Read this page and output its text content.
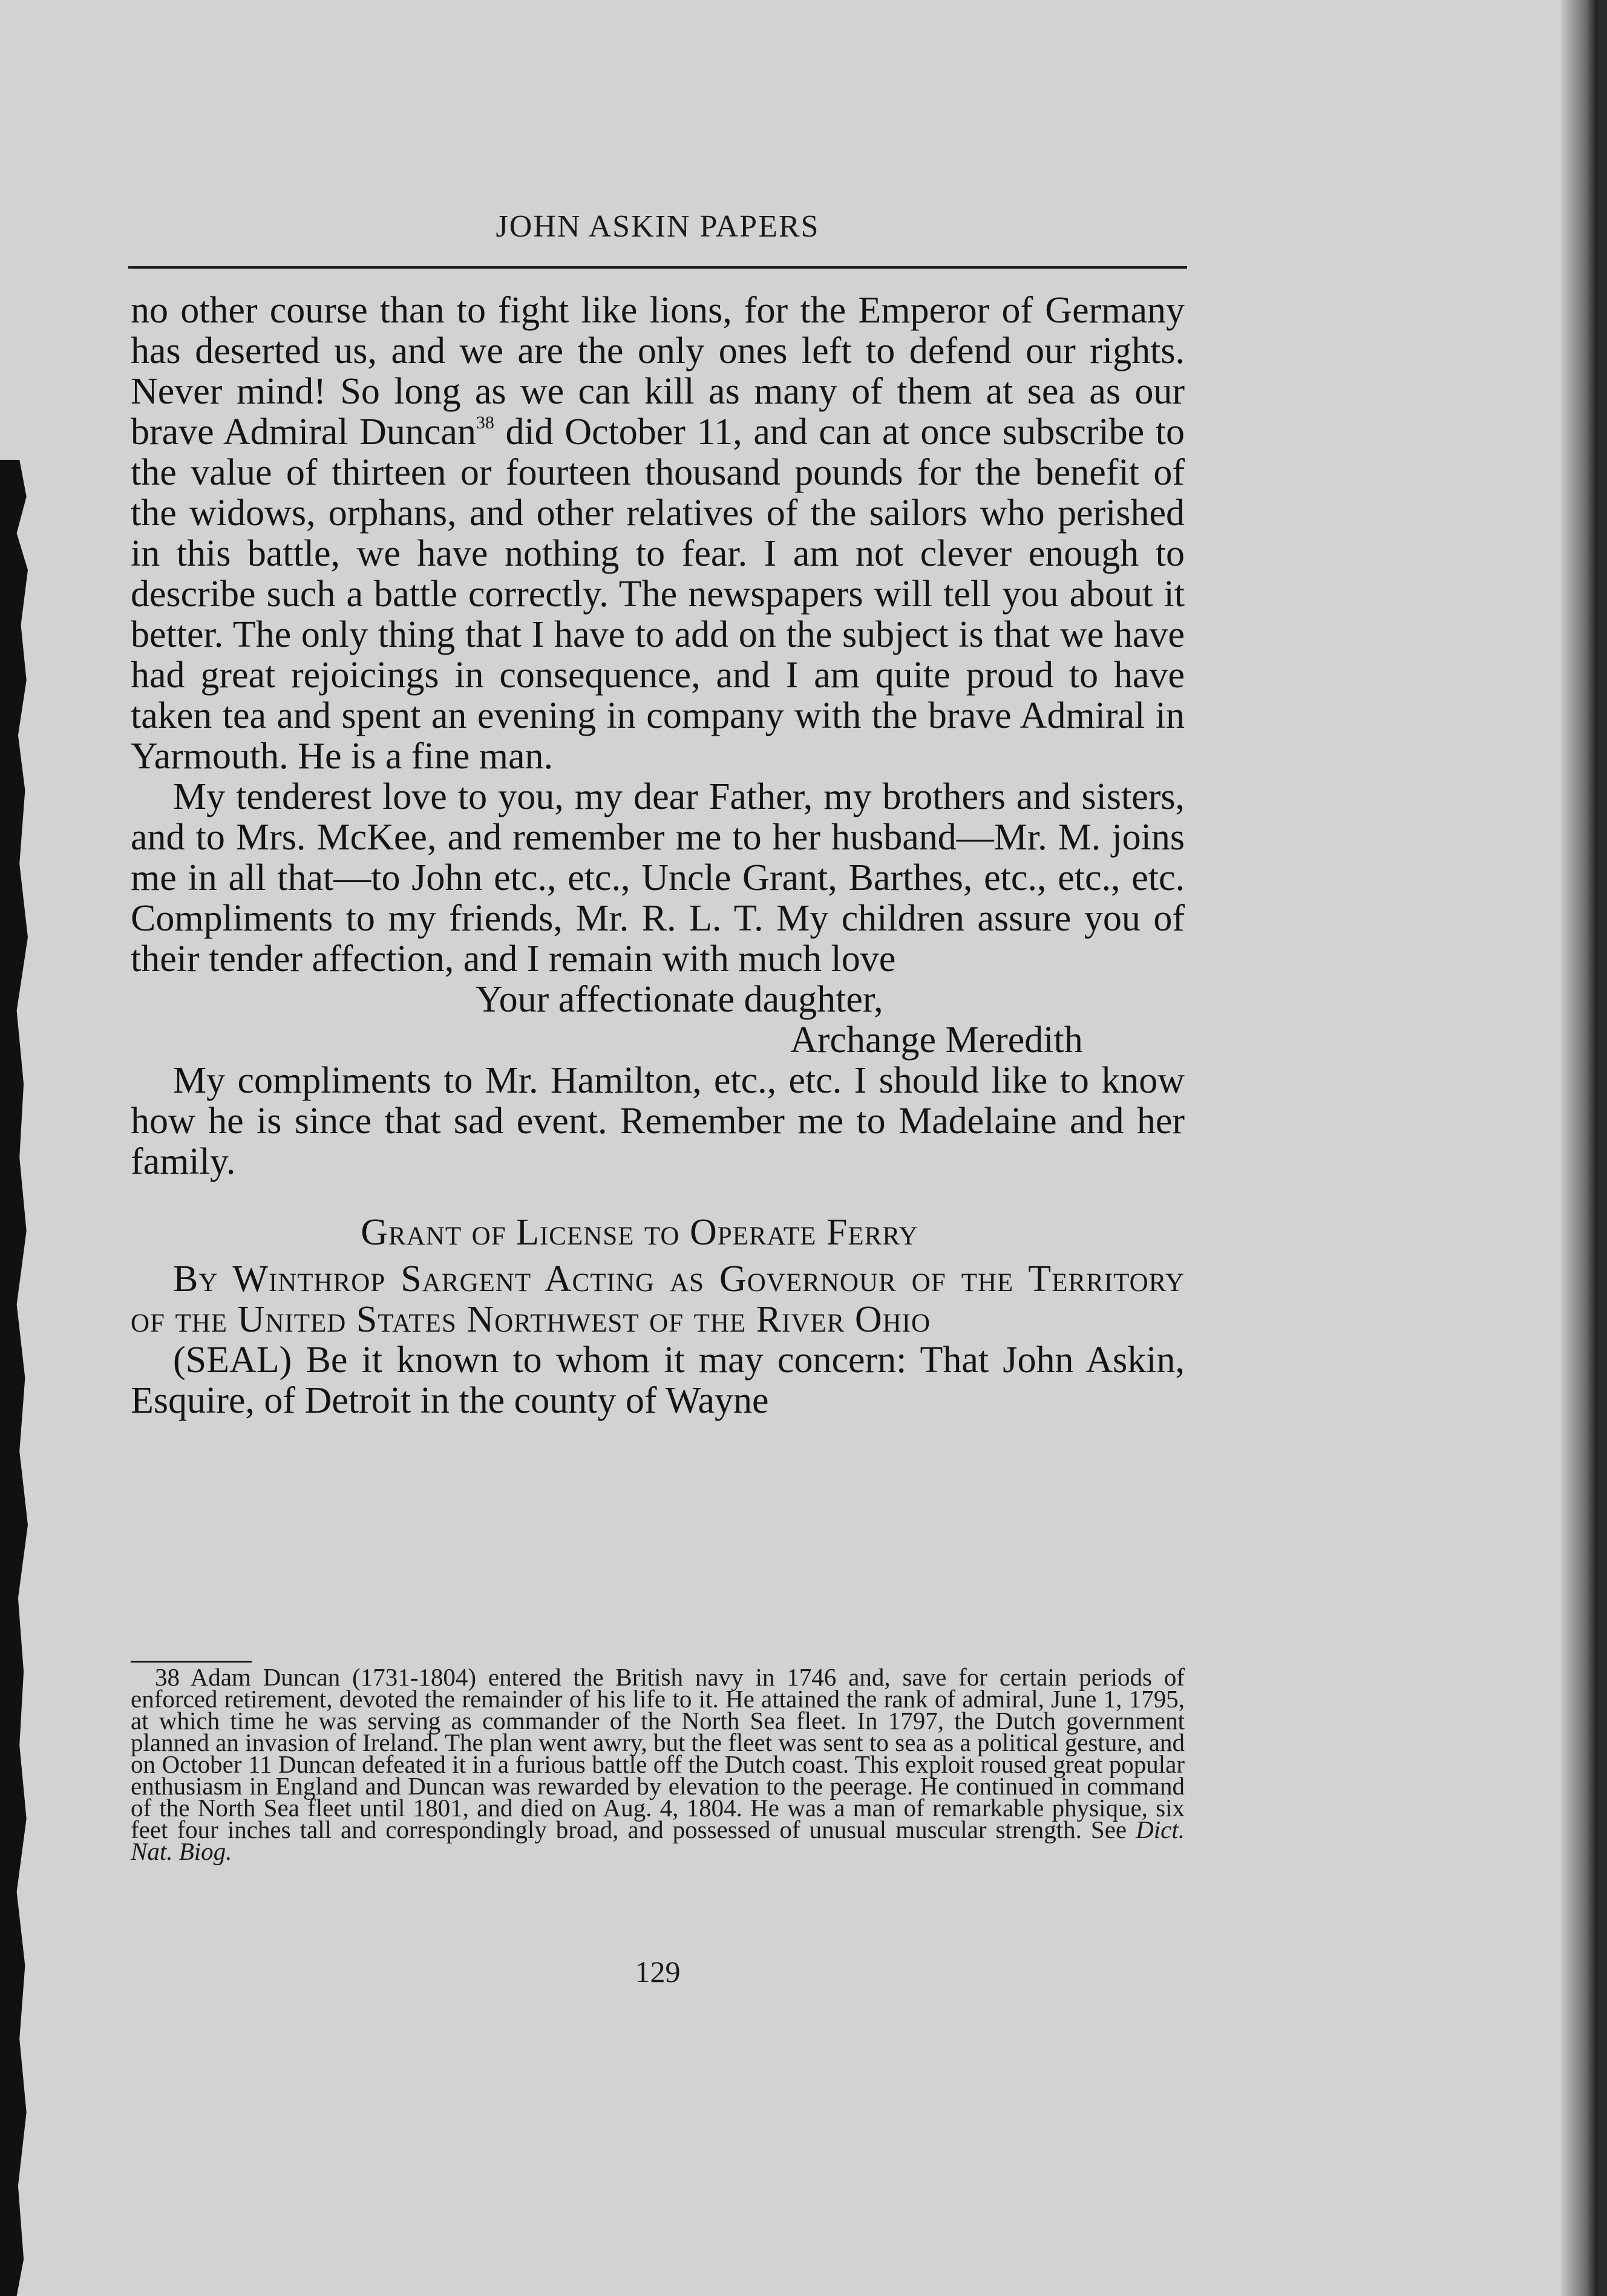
JOHN ASKIN PAPERS

no other course than to fight like lions, for the Emperor of Germany has deserted us, and we are the only ones left to defend our rights. Never mind! So long as we can kill as many of them at sea as our brave Admiral Duncan$^{38}$ did October 11, and can at once subscribe to the value of thirteen or fourteen thousand pounds for the benefit of the widows, orphans, and other relatives of the sailors who perished in this battle, we have nothing to fear. I am not clever enough to describe such a battle correctly. The newspapers will tell you about it better. The only thing that I have to add on the subject is that we have had great rejoicings in consequence, and I am quite proud to have taken tea and spent an evening in company with the brave Admiral in Yarmouth. He is a fine man.

My tenderest love to you, my dear Father, my brothers and sisters, and to Mrs. McKee, and remember me to her husband—Mr. M. joins me in all that—to John etc., etc., Uncle Grant, Barthes, etc., etc., etc. Compliments to my friends, Mr. R. L. T. My children assure you of their tender affection, and I remain with much love

Your affectionate daughter,

Archange Meredith

My compliments to Mr. Hamilton, etc., etc. I should like to know how he is since that sad event. Remember me to Madelaine and her family.

Grant of License to Operate Ferry

By Winthrop Sargent Acting as Governour of the Territory of the United States Northwest of the River Ohio

(SEAL) Be it known to whom it may concern: That John Askin, Esquire, of Detroit in the county of Wayne

38 Adam Duncan (1731-1804) entered the British navy in 1746 and, save for certain periods of enforced retirement, devoted the remainder of his life to it. He attained the rank of admiral, June 1, 1795, at which time he was serving as commander of the North Sea fleet. In 1797, the Dutch government planned an invasion of Ireland. The plan went awry, but the fleet was sent to sea as a political gesture, and on October 11 Duncan defeated it in a furious battle off the Dutch coast. This exploit roused great popular enthusiasm in England and Duncan was rewarded by elevation to the peerage. He continued in command of the North Sea fleet until 1801, and died on Aug. 4, 1804. He was a man of remarkable physique, six feet four inches tall and correspondingly broad, and possessed of unusual muscular strength. See Dict. Nat. Biog.

129
